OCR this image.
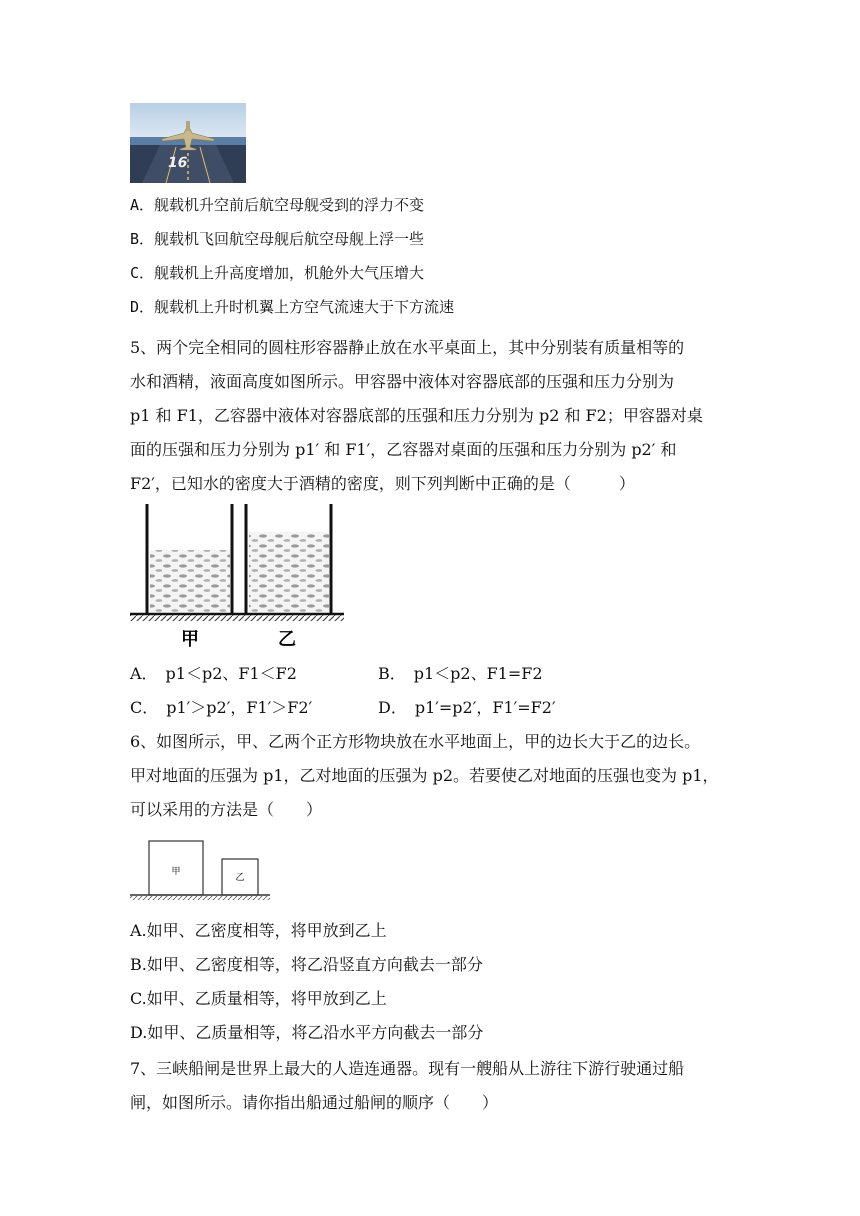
16
A．舰载机升空前后航空母舰受到的浮力不变
B．舰载机飞回航空母舰后航空母舰上浮一些
C．舰载机上升高度增加，机舱外大气压增大
D．舰载机上升时机翼上方空气流速大于下方流速
5、两个完全相同的圆柱形容器静止放在水平桌面上，其中分别装有质量相等的
水和酒精，液面高度如图所示。甲容器中液体对容器底部的压强和压力分别为
p1 和 F1，乙容器中液体对容器底部的压强和压力分别为 p2 和 F2；甲容器对桌
面的压强和压力分别为 p1′ 和 F1′，乙容器对桌面的压强和压力分别为 p2′ 和
F2′，已知水的密度大于酒精的密度，则下列判断中正确的是（　　　）
甲	乙
A．　p1＜p2、F1＜F2	B．　p1＜p2、F1=F2
C．　p1′＞p2′，F1′＞F2′	D．　p1′=p2′，F1′=F2′
6、如图所示，甲、乙两个正方形物块放在水平地面上，甲的边长大于乙的边长。
甲对地面的压强为 p1，乙对地面的压强为 p2。若要使乙对地面的压强也变为 p1，
可以采用的方法是（　　）
甲
乙
A.如甲、乙密度相等，将甲放到乙上
B.如甲、乙密度相等，将乙沿竖直方向截去一部分
C.如甲、乙质量相等，将甲放到乙上
D.如甲、乙质量相等，将乙沿水平方向截去一部分
7、三峡船闸是世界上最大的人造连通器。现有一艘船从上游往下游行驶通过船
闸，如图所示。请你指出船通过船闸的顺序（　　）
